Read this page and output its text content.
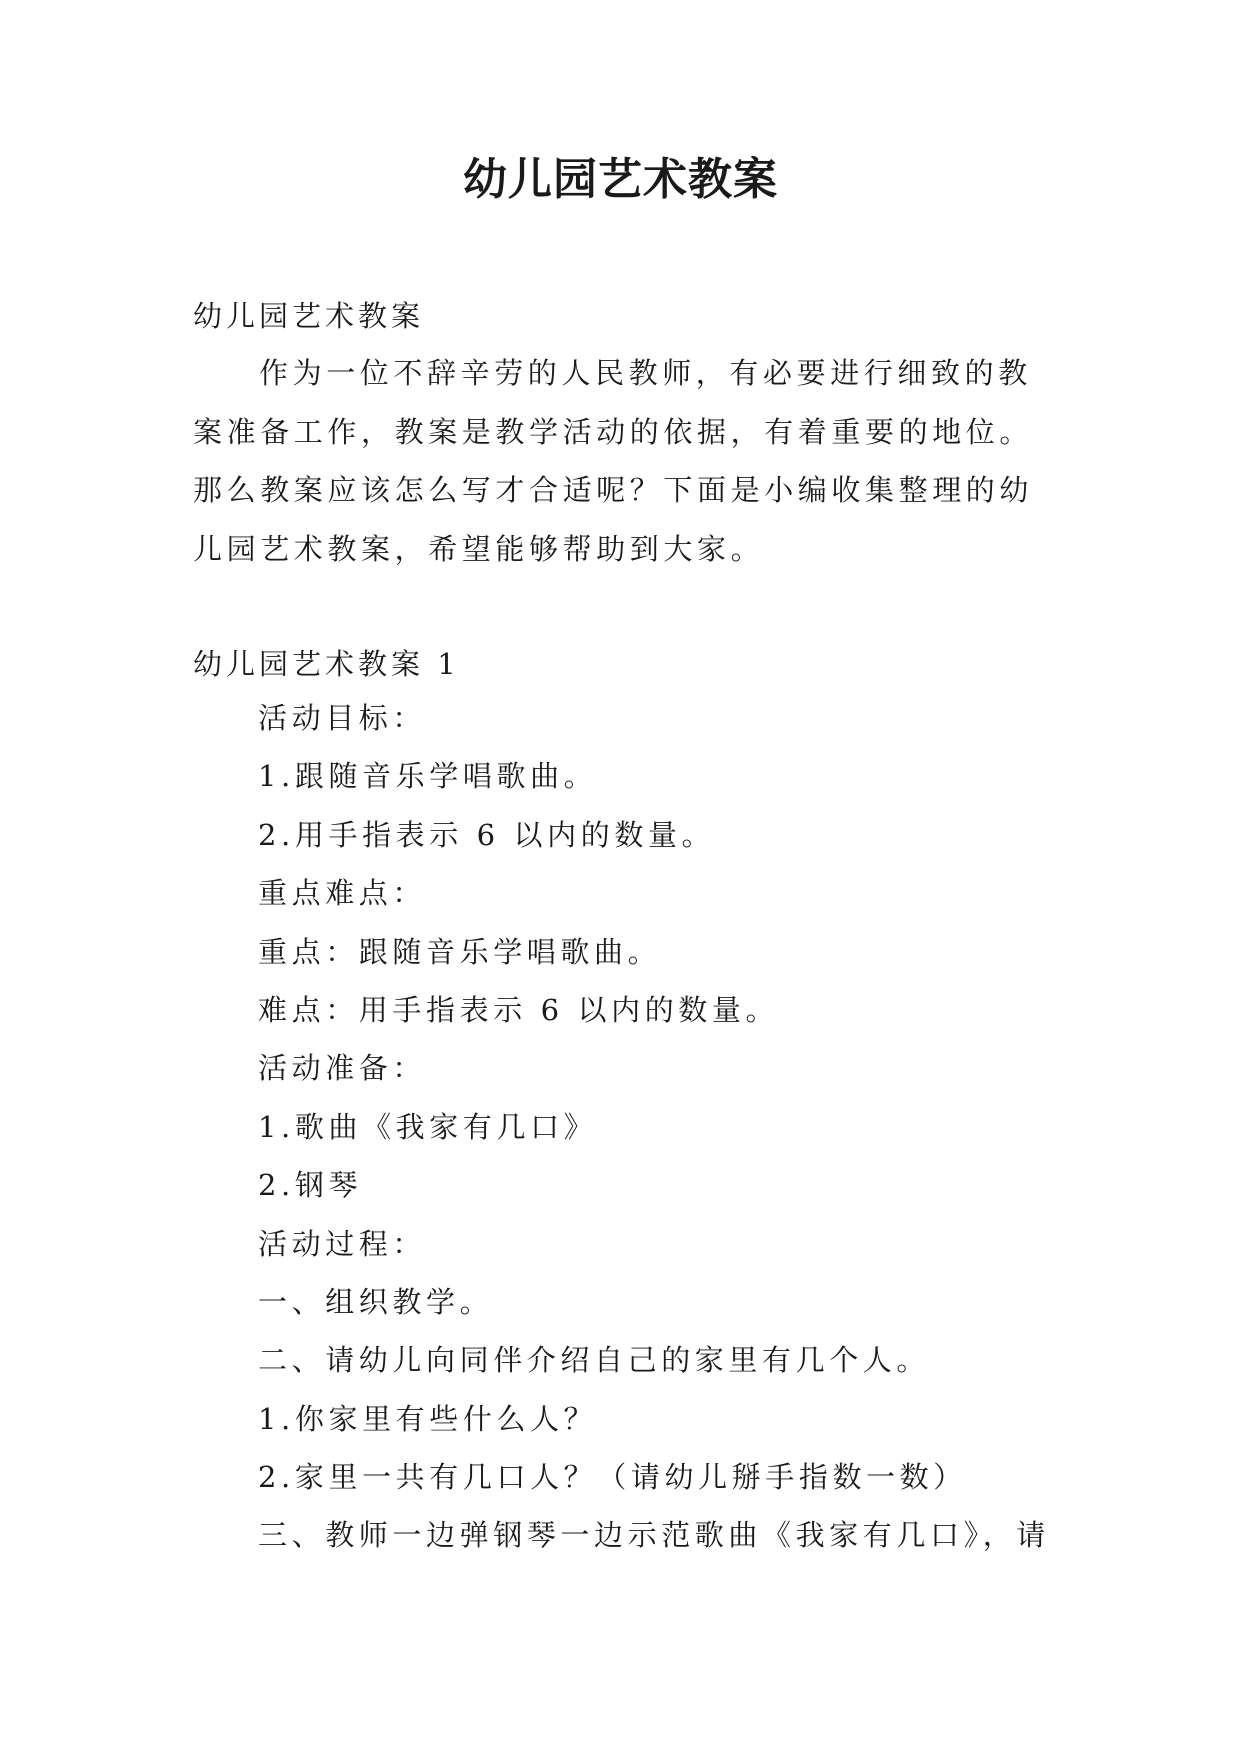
幼儿园艺术教案

幼儿园艺术教案

作为一位不辞辛劳的人民教师，有必要进行细致的教案准备工作，教案是教学活动的依据，有着重要的地位。那么教案应该怎么写才合适呢？下面是小编收集整理的幼儿园艺术教案，希望能够帮助到大家。

幼儿园艺术教案 1

活动目标：
1.跟随音乐学唱歌曲。
2.用手指表示 6 以内的数量。
重点难点：
重点：跟随音乐学唱歌曲。
难点：用手指表示 6 以内的数量。
活动准备：
1.歌曲《我家有几口》
2.钢琴
活动过程：
一、组织教学。
二、请幼儿向同伴介绍自己的家里有几个人。
1.你家里有些什么人？
2.家里一共有几口人？（请幼儿掰手指数一数）
三、教师一边弹钢琴一边示范歌曲《我家有几口》，请
